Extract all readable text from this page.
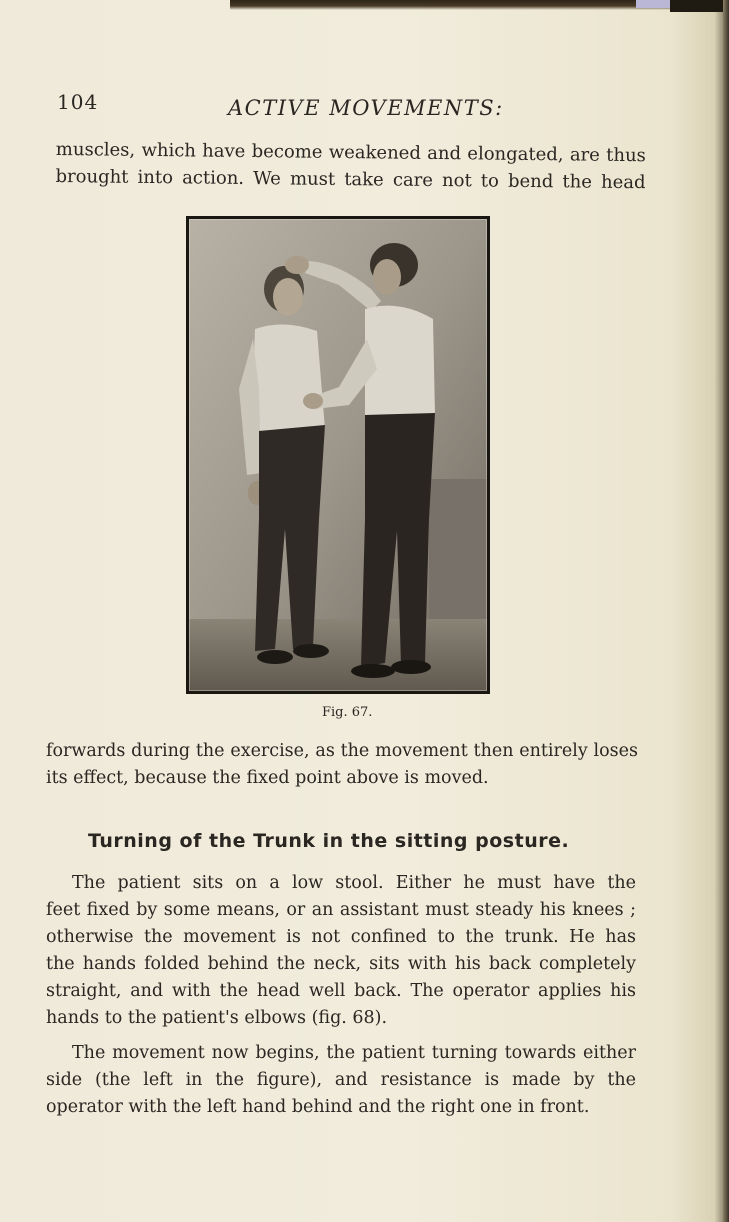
104	ACTIVE MOVEMENTS:

muscles, which have become weakened and elongated, are thus
brought into action. We must take care not to bend the head

Fig. 67.

forwards during the exercise, as the movement then entirely loses
its effect, because the fixed point above is moved.

Turning of the Trunk in the sitting posture.

The patient sits on a low stool. Either he must have the
feet fixed by some means, or an assistant must steady his knees ;
otherwise the movement is not confined to the trunk. He has
the hands folded behind the neck, sits with his back completely
straight, and with the head well back. The operator applies his
hands to the patient's elbows (fig. 68).

The movement now begins, the patient turning towards either
side (the left in the figure), and resistance is made by the
operator with the left hand behind and the right one in front.
